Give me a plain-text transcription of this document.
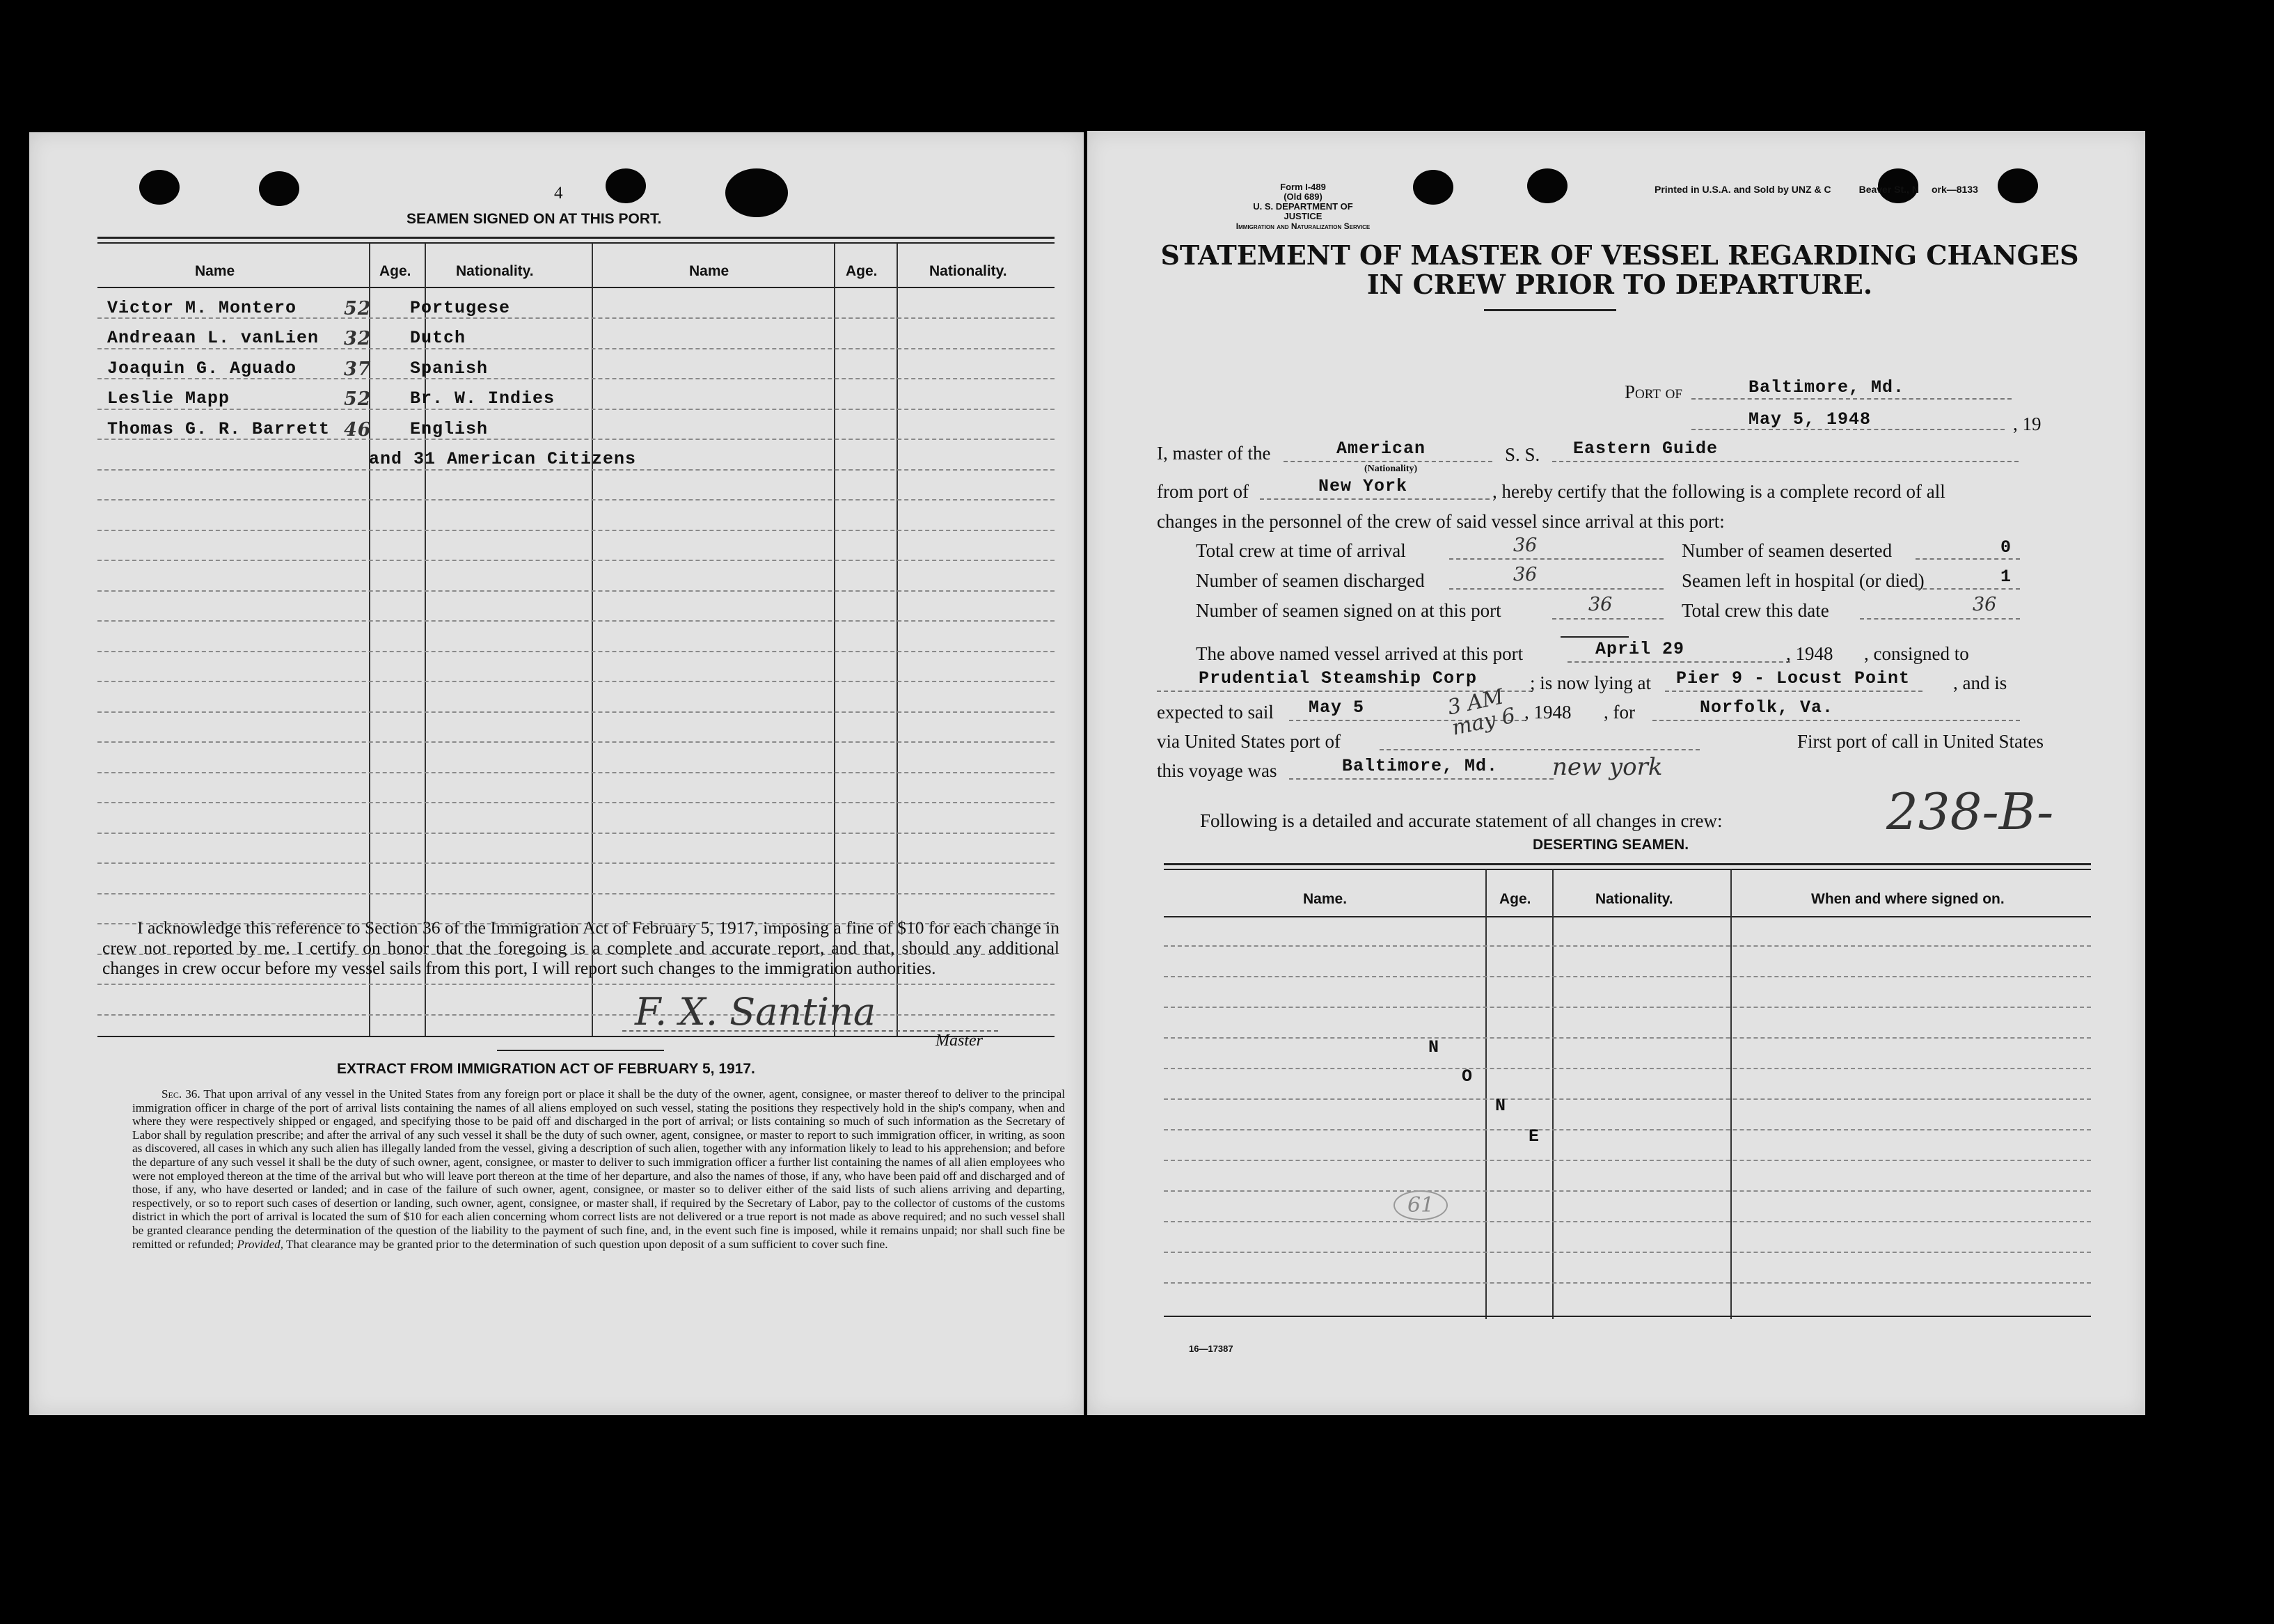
4
SEAMEN SIGNED ON AT THIS PORT.
Name	Age.	Nationality.	Name	Age.	Nationality.
Victor M. Montero	52 Portugese
Andreaan L. vanLien 32 Dutch
Joaquin G. Aguado	37 Spanish
Leslie Mapp	52 Br. W. Indies
Thomas G. R. Barrett 46 English
and 31 American Citizens
I acknowledge this reference to Section 36 of the Immigration Act of February 5, 1917, imposing a fine of $10 for each change in crew not reported by me. I certify on honor that the foregoing is a complete and accurate report, and that, should any additional changes in crew occur before my vessel sails from this port, I will report such changes to the immigration authorities.
F. X. Santina
Master
EXTRACT FROM IMMIGRATION ACT OF FEBRUARY 5, 1917.

Sec. 36. That upon arrival of any vessel in the United States from any foreign port or place it shall be the duty of the owner, agent, consignee, or master thereof to deliver to the principal immigration officer in charge of the port of arrival lists containing the names of all aliens employed on such vessel, stating the positions they respectively hold in the ship's company, when and where they were respectively shipped or engaged, and specifying those to be paid off and discharged in the port of arrival; or lists containing so much of such information as the Secretary of Labor shall by regulation prescribe; and after the arrival of any such vessel it shall be the duty of such owner, agent, consignee, or master to report to such immigration officer, in writing, as soon as discovered, all cases in which any such alien has illegally landed from the vessel, giving a description of such alien, together with any information likely to lead to his apprehension; and before the departure of any such vessel it shall be the duty of such owner, agent, consignee, or master to deliver to such immigration officer a further list containing the names of all alien employees who were not employed thereon at the time of the arrival but who will leave port thereon at the time of her departure, and also the names of those, if any, who have been paid off and discharged and of those, if any, who have deserted or landed; and in case of the failure of such owner, agent, consignee, or master so to deliver either of the said lists of such aliens arriving and departing, respectively, or so to report such cases of desertion or landing, such owner, agent, consignee, or master shall, if required by the Secretary of Labor, pay to the collector of customs of the customs district in which the port of arrival is located the sum of $10 for each alien concerning whom correct lists are not delivered or a true report is not made as above required; and no such vessel shall be granted clearance pending the determination of the question of the liability to the payment of such fine, and, in the event such fine is imposed, while it remains unpaid; nor shall such fine be remitted or refunded; Provided, That clearance may be granted prior to the determination of such question upon deposit of a sum sufficient to cover such fine.

Form I-489
(Old 689)
U. S. DEPARTMENT OF JUSTICE
Immigration and Naturalization Service
Printed in U.S.A. and Sold by UNZ & C	Beaver St., N ork—8133
STATEMENT OF MASTER OF VESSEL REGARDING CHANGES
IN CREW PRIOR TO DEPARTURE.
Port of	Baltimore, Md.
May 5, 1948	, 19
I, master of the	American
(Nationality)
S. S. Eastern Guide
from port of	New York	, hereby certify that the following is a complete record of all
changes in the personnel of the crew of said vessel since arrival at this port:
Total crew at time of arrival	36	Number of seamen deserted	0
Number of seamen discharged	36	Seamen left in hospital (or died)	1
Number of seamen signed on at this port	36	Total crew this date	36
The above named vessel arrived at this port	April 29	, 1948 , consigned to
Prudential Steamship Corp	; is now lying at Pier 9 - Locust Point , and is
expected to sail May 5	3 AM may 6 , 1948 , for	Norfolk, Va.
via United States port of	First port of call in United States
this voyage was	Baltimore, Md. new york
Following is a detailed and accurate statement of all changes in crew:	238-B-
DESERTING SEAMEN.
Name.	Age.	Nationality.	When and where signed on.
N
O
N
E
61
16—17387
